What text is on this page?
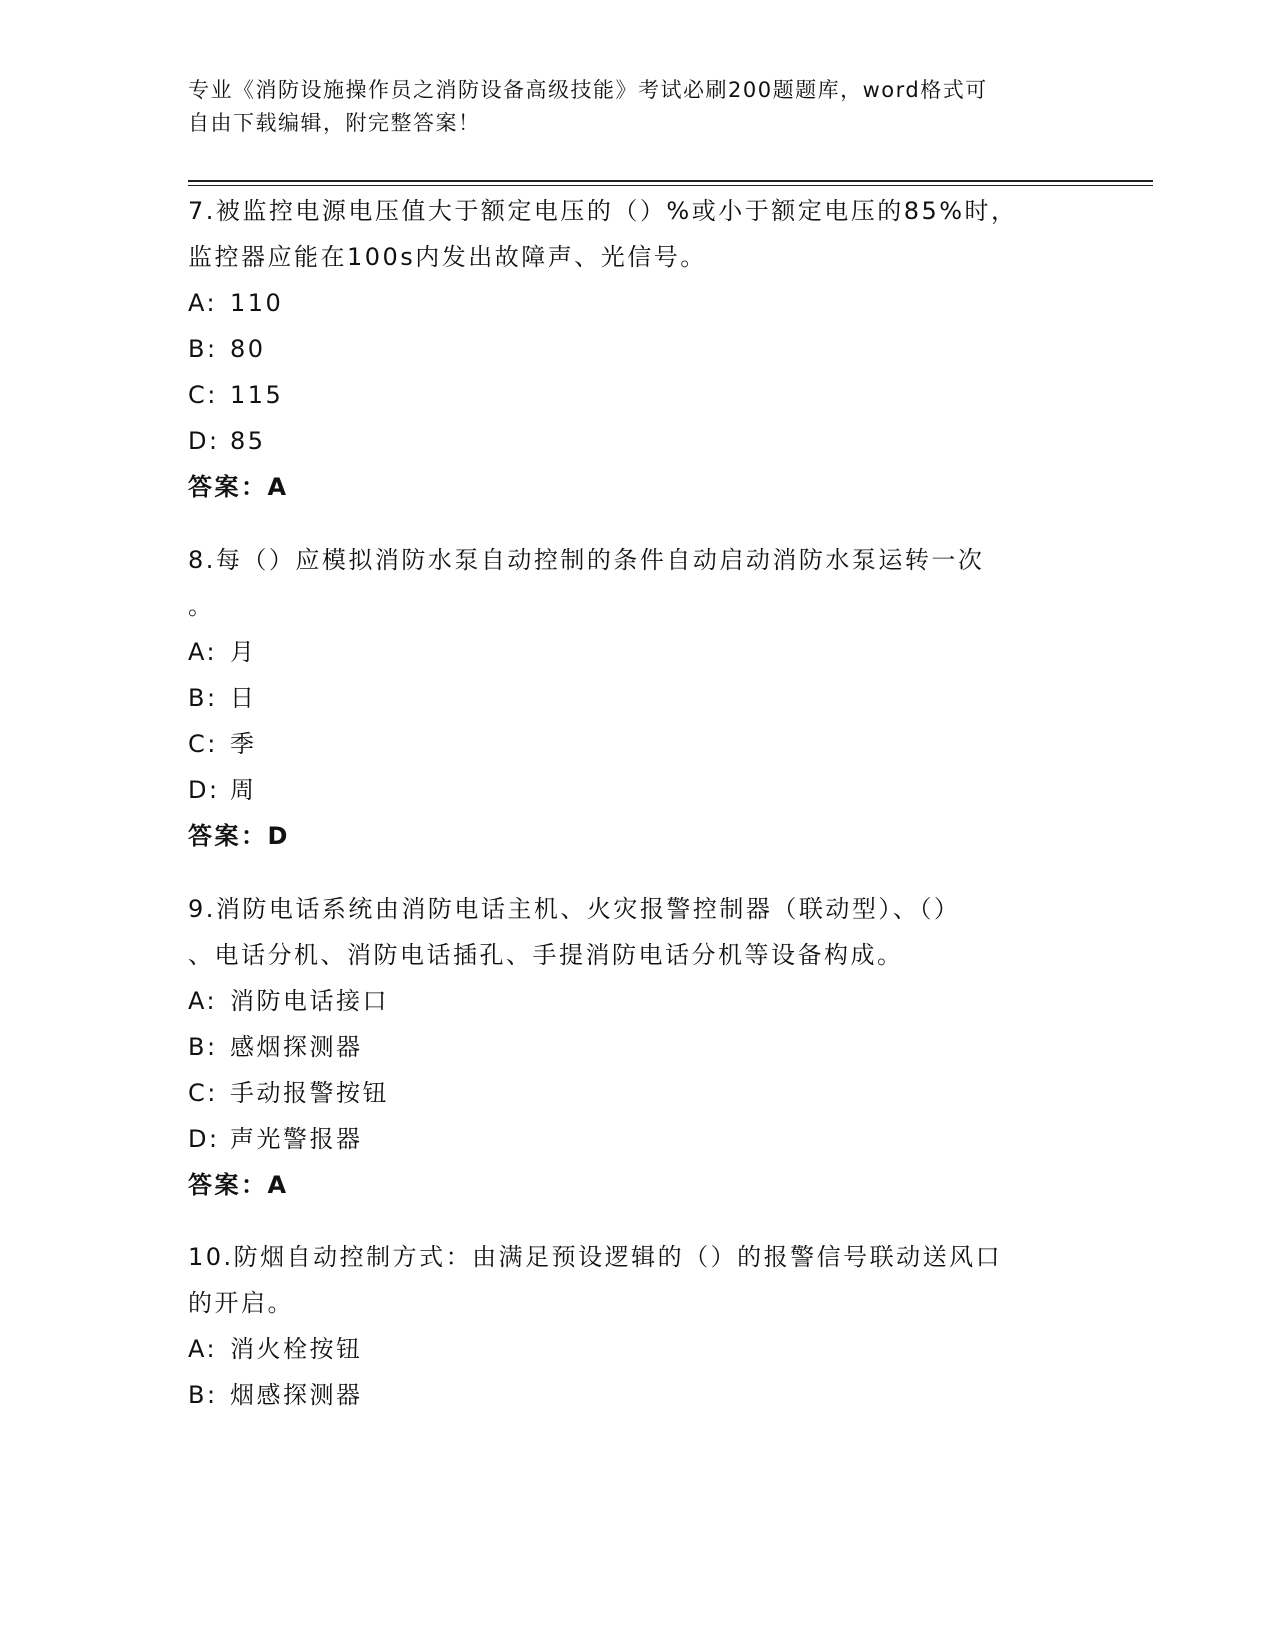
专业《消防设施操作员之消防设备高级技能》考试必刷200题题库，word格式可
自由下载编辑，附完整答案！
7.被监控电源电压值大于额定电压的（）%或小于额定电压的85%时，
监控器应能在100s内发出故障声、光信号。
A: 110
B: 80
C: 115
D: 85
答案：A
8.每（）应模拟消防水泵自动控制的条件自动启动消防水泵运转一次
。
A: 月
B: 日
C: 季
D: 周
答案：D
9.消防电话系统由消防电话主机、火灾报警控制器（联动型）、（）
、电话分机、消防电话插孔、手提消防电话分机等设备构成。
A: 消防电话接口
B: 感烟探测器
C: 手动报警按钮
D: 声光警报器
答案：A
10.防烟自动控制方式：由满足预设逻辑的（）的报警信号联动送风口
的开启。
A: 消火栓按钮
B: 烟感探测器
